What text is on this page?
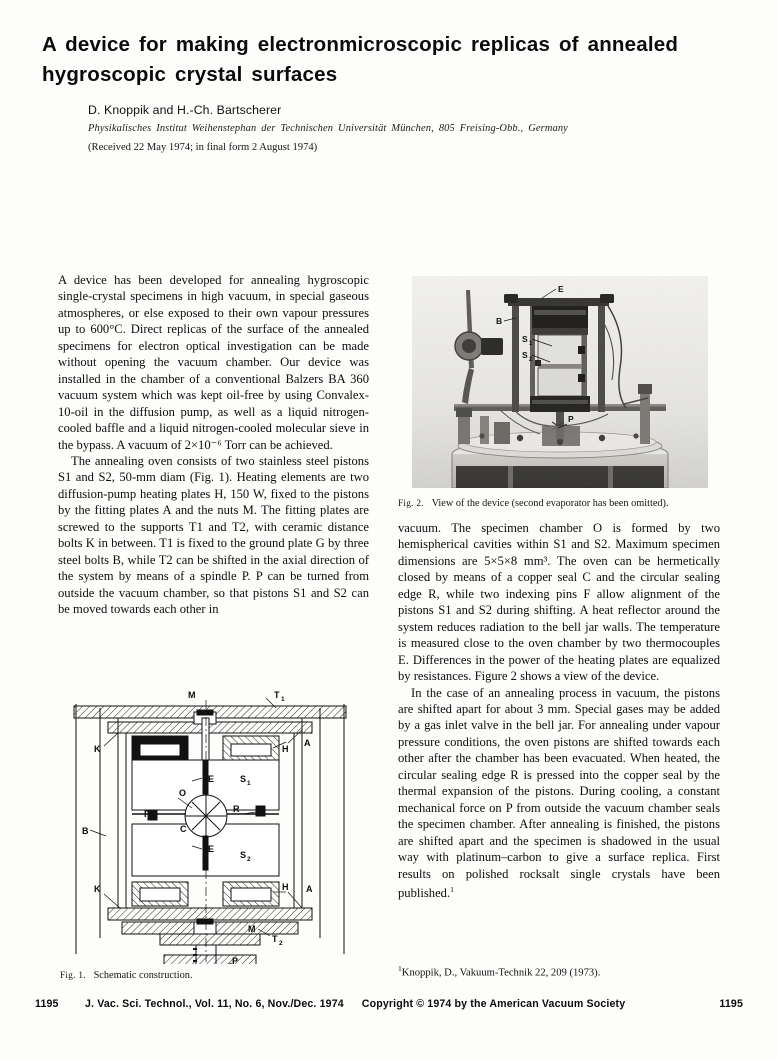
A device for making electronmicroscopic replicas of annealed hygroscopic crystal surfaces
D. Knoppik and H.-Ch. Bartscherer
Physikalisches Institut Weihenstephan der Technischen Universität München, 805 Freising-Obb., Germany
(Received 22 May 1974; in final form 2 August 1974)

A device has been developed for annealing hygroscopic single-crystal specimens in high vacuum, in special gaseous atmospheres, or else exposed to their own vapour pressures up to 600°C. Direct replicas of the surface of the annealed specimens for electron optical investigation can be made without opening the vacuum chamber. Our device was installed in the chamber of a conventional Balzers BA 360 vacuum system which was kept oil-free by using Convalex-10-oil in the diffusion pump, as well as a liquid nitrogen-cooled baffle and a liquid nitrogen-cooled molecular sieve in the bypass. A vacuum of 2×10⁻⁶ Torr can be achieved.

The annealing oven consists of two stainless steel pistons S1 and S2, 50-mm diam (Fig. 1). Heating elements are two diffusion-pump heating plates H, 150 W, fixed to the pistons by the fitting plates A and the nuts M. The fitting plates are screwed to the supports T1 and T2, with ceramic distance bolts K in between. T1 is fixed to the ground plate G by three steel bolts B, while T2 can be shifted in the axial direction of the system by means of a spindle P. P can be turned from outside the vacuum chamber, so that pistons S1 and S2 can be moved towards each other in

E
B
S 1
S 2
P
Fig. 2. View of the device (second evaporator has been omitted).

vacuum. The specimen chamber O is formed by two hemispherical cavities within S1 and S2. Maximum specimen dimensions are 5×5×8 mm³. The oven can be hermetically closed by means of a copper seal C and the circular sealing edge R, while two indexing pins F allow alignment of the pistons S1 and S2 during shifting. A heat reflector around the system reduces radiation to the bell jar walls. The temperature is measured close to the oven chamber by two thermocouples E. Differences in the power of the heating plates are equalized by resistances. Figure 2 shows a view of the device.

In the case of an annealing process in vacuum, the pistons are shifted apart for about 3 mm. Special gases may be added by a gas inlet valve in the bell jar. For annealing under vapour pressure conditions, the oven pistons are shifted towards each other after the chamber has been evacuated. When heated, the circular sealing edge R is pressed into the copper seal by the thermal expansion of the pistons. During cooling, a constant mechanical force on P from outside the vacuum chamber seals the specimen chamber. After annealing is finished, the pistons are shifted apart and the specimen is shadowed in the usual way with platinum–carbon to give a surface replica. First results on polished rocksalt single crystals have been published.$^1$

M	T 1
K
A
H
E	S 1
O
F
C
R
E
S 2
B
K	A
H
M
T 2
P
Fig. 1. Schematic construction.
$^1$Knoppik, D., Vakuum-Technik 22, 209 (1973).
1195	J. Vac. Sci. Technol., Vol. 11, No. 6, Nov./Dec. 1974 Copyright © 1974 by the American Vacuum Society	1195
